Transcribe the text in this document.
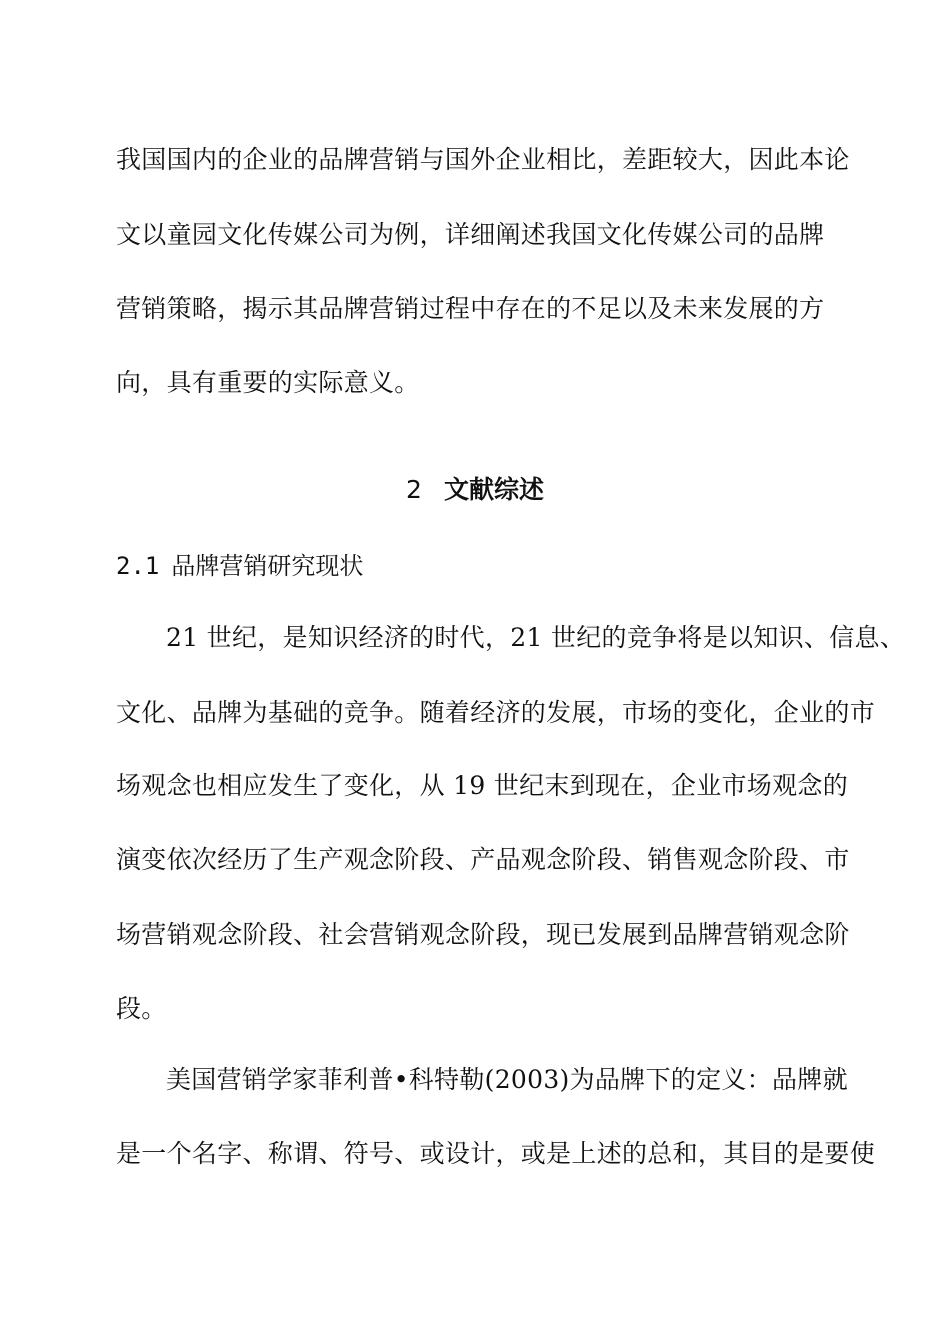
我国国内的企业的品牌营销与国外企业相比，差距较大，因此本论
文以童园文化传媒公司为例，详细阐述我国文化传媒公司的品牌
营销策略，揭示其品牌营销过程中存在的不足以及未来发展的方
向，具有重要的实际意义。
2 文献综述
2.1 品牌营销研究现状
21 世纪，是知识经济的时代，21 世纪的竞争将是以知识、信息、
文化、品牌为基础的竞争。随着经济的发展，市场的变化，企业的市
场观念也相应发生了变化，从 19 世纪末到现在，企业市场观念的
演变依次经历了生产观念阶段、产品观念阶段、销售观念阶段、市
场营销观念阶段、社会营销观念阶段，现已发展到品牌营销观念阶
段。
美国营销学家菲利普•科特勒(2003)为品牌下的定义：品牌就
是一个名字、称谓、符号、或设计，或是上述的总和，其目的是要使
